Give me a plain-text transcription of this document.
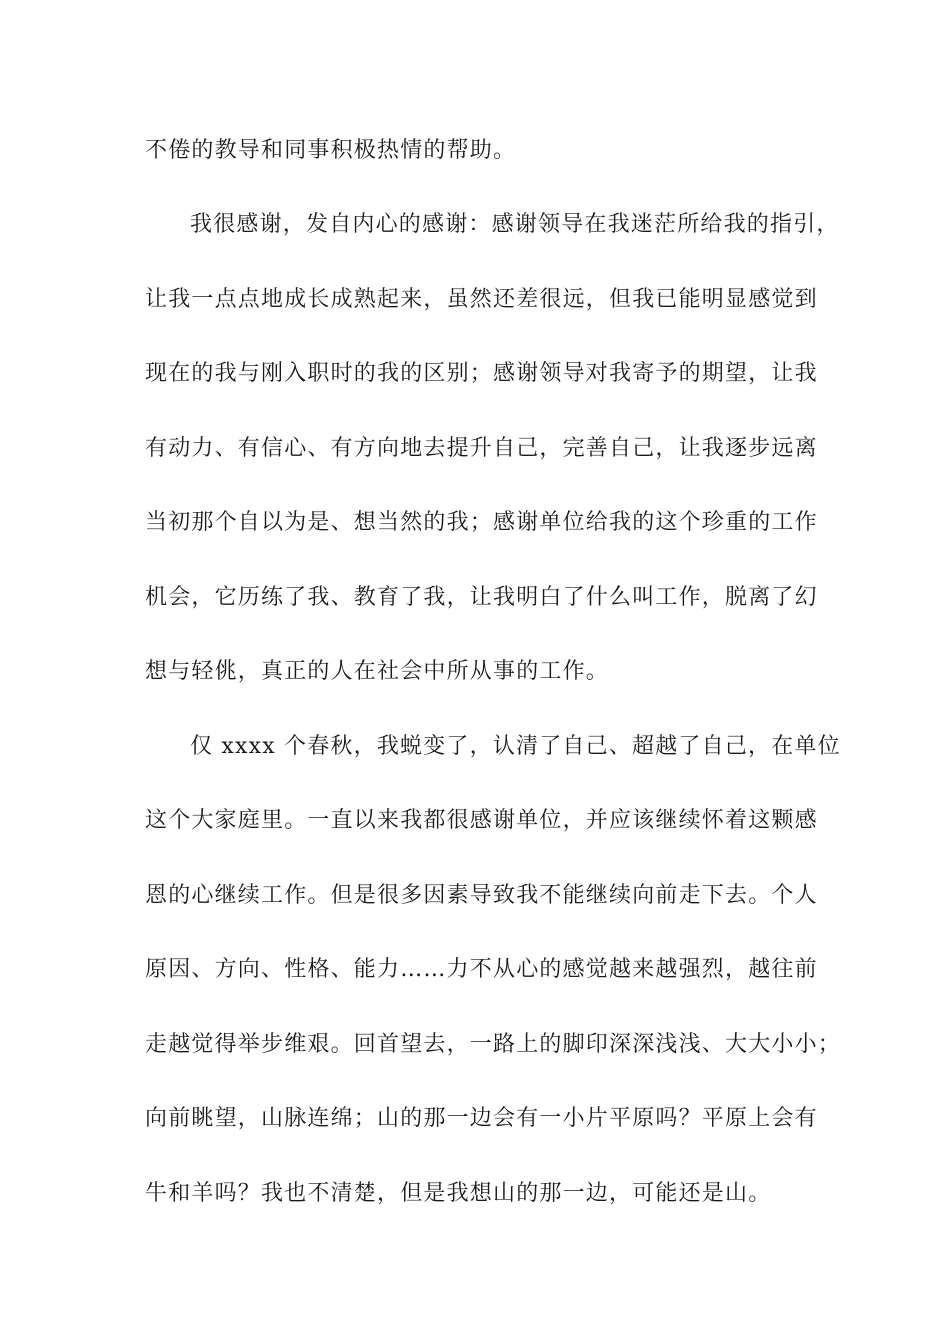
不倦的教导和同事积极热情的帮助。

我很感谢，发自内心的感谢：感谢领导在我迷茫所给我的指引，

让我一点点地成长成熟起来，虽然还差很远，但我已能明显感觉到

现在的我与刚入职时的我的区别；感谢领导对我寄予的期望，让我

有动力、有信心、有方向地去提升自己，完善自己，让我逐步远离

当初那个自以为是、想当然的我；感谢单位给我的这个珍重的工作

机会，它历练了我、教育了我，让我明白了什么叫工作，脱离了幻

想与轻佻，真正的人在社会中所从事的工作。

仅 xxxx 个春秋，我蜕变了，认清了自己、超越了自己，在单位

这个大家庭里。一直以来我都很感谢单位，并应该继续怀着这颗感

恩的心继续工作。但是很多因素导致我不能继续向前走下去。个人

原因、方向、性格、能力……力不从心的感觉越来越强烈，越往前

走越觉得举步维艰。回首望去，一路上的脚印深深浅浅、大大小小；

向前眺望，山脉连绵；山的那一边会有一小片平原吗？平原上会有

牛和羊吗？我也不清楚，但是我想山的那一边，可能还是山。
